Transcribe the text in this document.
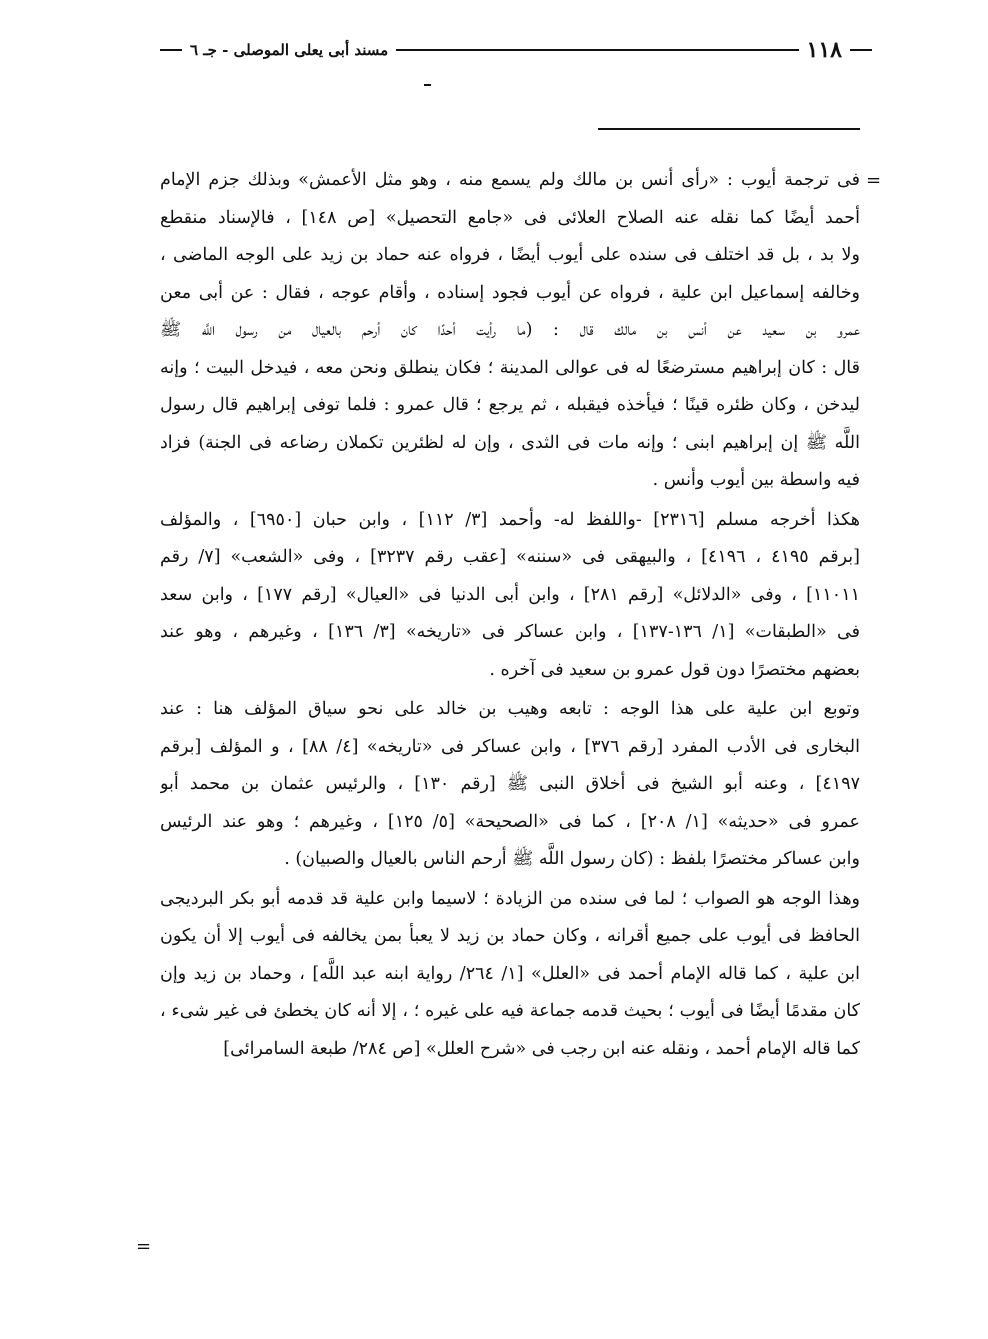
١١٨
مسند أبى يعلى الموصلى - جـ ٦
=
=
فى ترجمة أيوب : «رأى أنس بن مالك ولم يسمع منه ، وهو مثل الأعمش» وبذلك جزم الإمام
أحمد أيضًا كما نقله عنه الصلاح العلائى فى «جامع التحصيل» [ص ١٤٨] ، فالإسناد منقطع
ولا بد ، بل قد اختلف فى سنده على أيوب أيضًا ، فرواه عنه حماد بن زيد على الوجه الماضى ،
وخالفه إسماعيل ابن علية ، فرواه عن أيوب فجود إسناده ، وأقام عوجه ، فقال : عن أبى معن
عمرو بن سعيد عن أنس بن مالك قال : (ما رأيت أحدًا كان أرحم بالعيال من رسول اللَّه ﷺ
قال : كان إبراهيم مسترضعًا له فى عوالى المدينة ؛ فكان ينطلق ونحن معه ، فيدخل البيت ؛ وإنه
ليدخن ، وكان ظئره قينًا ؛ فيأخذه فيقبله ، ثم يرجع ؛ قال عمرو : فلما توفى إبراهيم قال رسول
اللَّه ﷺ إن إبراهيم ابنى ؛ وإنه مات فى الثدى ، وإن له لظئرين تكملان رضاعه فى الجنة) فزاد
فيه واسطة بين أيوب وأنس .
هكذا أخرجه مسلم [٢٣١٦] -واللفظ له- وأحمد [٣/ ١١٢] ، وابن حبان [٦٩٥٠] ، والمؤلف
[برقم ٤١٩٥ ، ٤١٩٦] ، والبيهقى فى «سننه» [عقب رقم ٣٢٣٧] ، وفى «الشعب» [٧/ رقم
١١٠١١] ، وفى «الدلائل» [رقم ٢٨١] ، وابن أبى الدنيا فى «العيال» [رقم ١٧٧] ، وابن سعد
فى «الطبقات» [١/ ١٣٦-١٣٧] ، وابن عساكر فى «تاريخه» [٣/ ١٣٦] ، وغيرهم ، وهو عند
بعضهم مختصرًا دون قول عمرو بن سعيد فى آخره .
وتوبع ابن علية على هذا الوجه : تابعه وهيب بن خالد على نحو سياق المؤلف هنا : عند
البخارى فى الأدب المفرد [رقم ٣٧٦] ، وابن عساكر فى «تاريخه» [٤/ ٨٨] ، و المؤلف [برقم
٤١٩٧] ، وعنه أبو الشيخ فى أخلاق النبى ﷺ [رقم ١٣٠] ، والرئيس عثمان بن محمد أبو
عمرو فى «حديثه» [١/ ٢٠٨] ، كما فى «الصحيحة» [٥/ ١٢٥] ، وغيرهم ؛ وهو عند الرئيس
وابن عساكر مختصرًا بلفظ : (كان رسول اللَّه ﷺ أرحم الناس بالعيال والصبيان) .
وهذا الوجه هو الصواب ؛ لما فى سنده من الزيادة ؛ لاسيما وابن علية قد قدمه أبو بكر البرديجى
الحافظ فى أيوب على جميع أقرانه ، وكان حماد بن زيد لا يعبأ بمن يخالفه فى أيوب إلا أن يكون
ابن علية ، كما قاله الإمام أحمد فى «العلل» [١/ ٢٦٤/ رواية ابنه عبد اللَّه] ، وحماد بن زيد وإن
كان مقدمًا أيضًا فى أيوب ؛ بحيث قدمه جماعة فيه على غيره ؛ ، إلا أنه كان يخطئ فى غير شىء ،
كما قاله الإمام أحمد ، ونقله عنه ابن رجب فى «شرح العلل» [ص ٢٨٤/ طبعة السامرائى]
